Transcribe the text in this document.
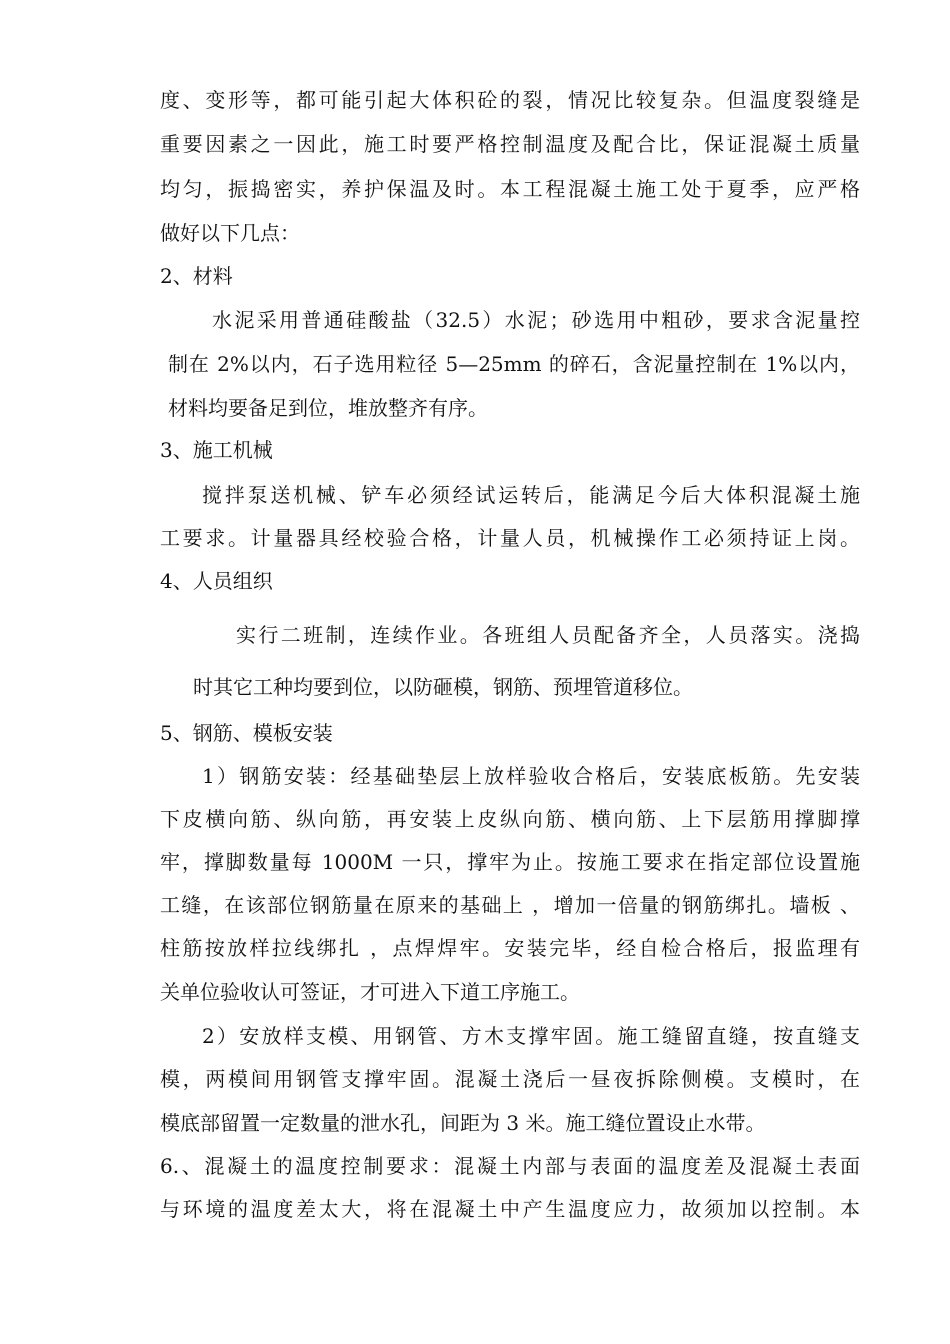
度、变形等，都可能引起大体积砼的裂，情况比较复杂。但温度裂缝是
重要因素之一因此，施工时要严格控制温度及配合比，保证混凝土质量
均匀，振捣密实，养护保温及时。本工程混凝土施工处于夏季，应严格
做好以下几点：
2、材料
水泥采用普通硅酸盐（32.5）水泥；砂选用中粗砂，要求含泥量控
制在 2%以内，石子选用粒径 5—25mm 的碎石，含泥量控制在 1%以内，
材料均要备足到位，堆放整齐有序。
3、施工机械
搅拌泵送机械、铲车必须经试运转后，能满足今后大体积混凝土施
工要求。计量器具经校验合格，计量人员，机械操作工必须持证上岗。
4、人员组织
实行二班制，连续作业。各班组人员配备齐全，人员落实。浇捣
时其它工种均要到位，以防砸模，钢筋、预埋管道移位。
5、钢筋、模板安装
1）钢筋安装：经基础垫层上放样验收合格后，安装底板筋。先安装
下皮横向筋、纵向筋，再安装上皮纵向筋、横向筋、上下层筋用撑脚撑
牢，撑脚数量每 1000M 一只，撑牢为止。按施工要求在指定部位设置施
工缝，在该部位钢筋量在原来的基础上 ，增加一倍量的钢筋绑扎。墙板 、
柱筋按放样拉线绑扎 ，点焊焊牢。安装完毕，经自检合格后，报监理有
关单位验收认可签证，才可进入下道工序施工。
2）安放样支模、用钢管、方木支撑牢固。施工缝留直缝，按直缝支
模，两模间用钢管支撑牢固。混凝土浇后一昼夜拆除侧模。支模时，在
模底部留置一定数量的泄水孔，间距为 3 米。施工缝位置设止水带。
6.、混凝土的温度控制要求：混凝土内部与表面的温度差及混凝土表面
与环境的温度差太大，将在混凝土中产生温度应力，故须加以控制。本
